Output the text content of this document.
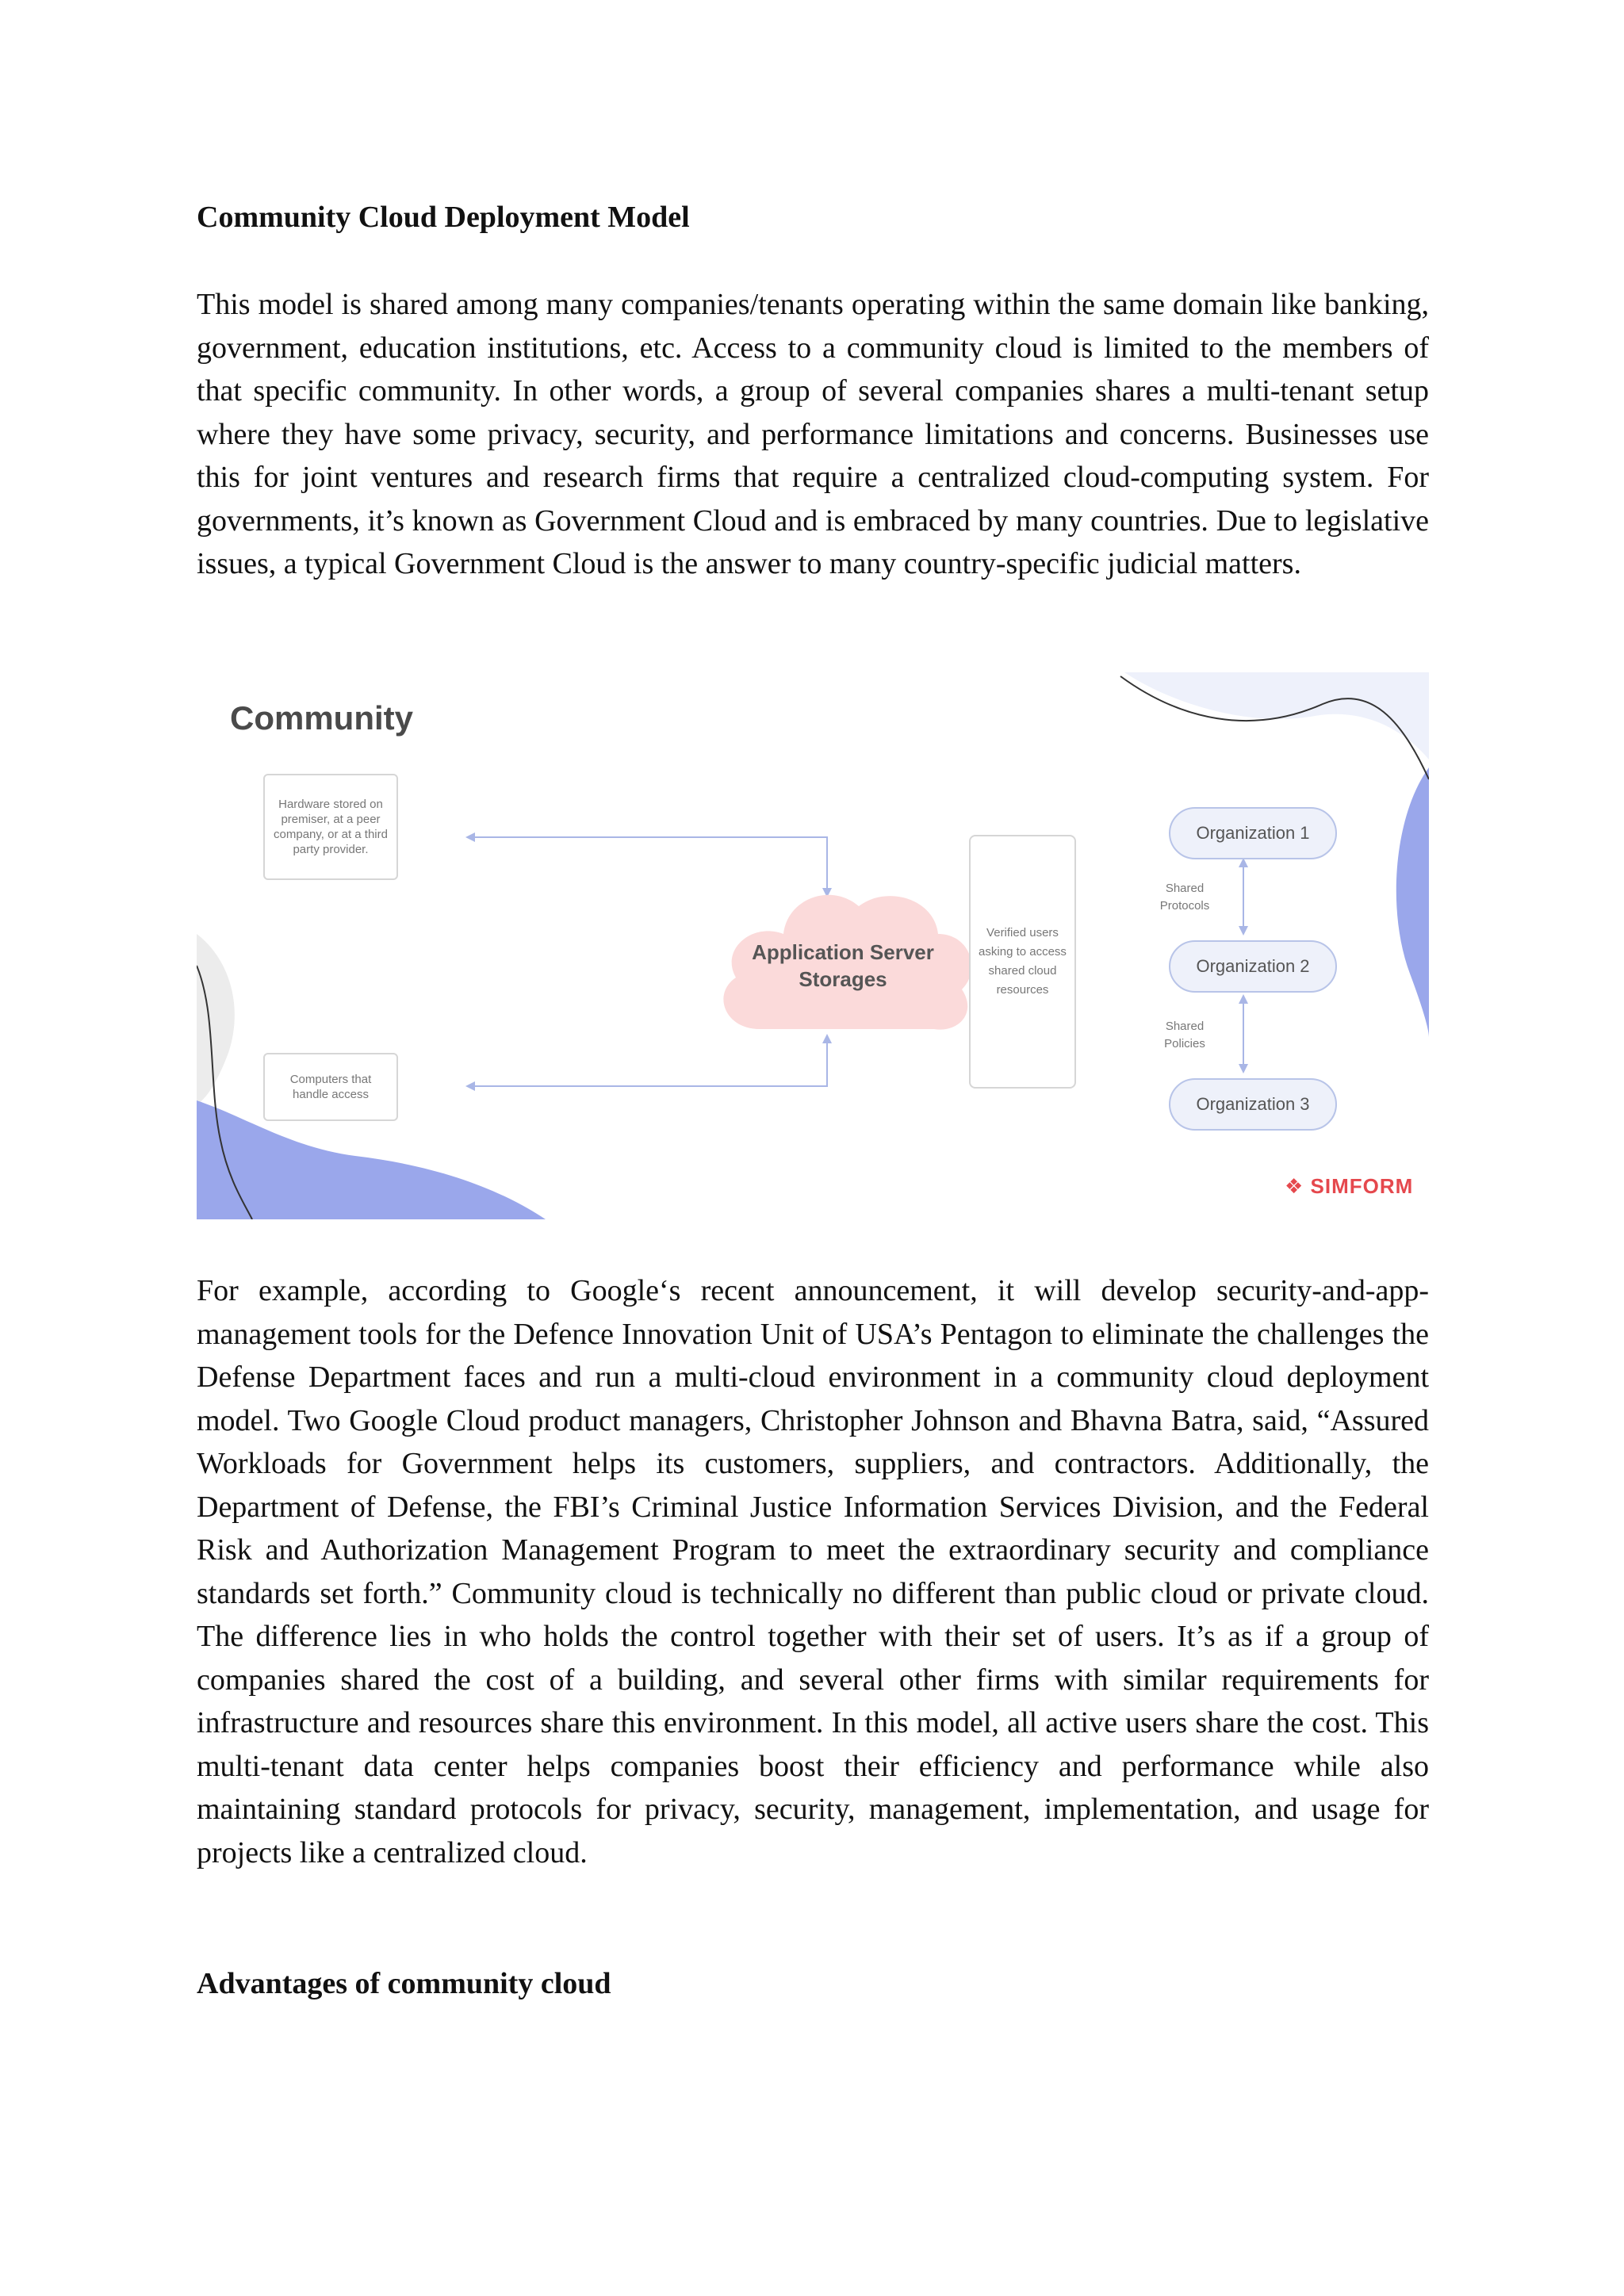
Community Cloud Deployment Model

This model is shared among many companies/tenants operating within the same domain like banking, government, education institutions, etc. Access to a community cloud is limited to the members of that specific community. In other words, a group of several companies shares a multi-tenant setup where they have some privacy, security, and performance limitations and concerns. Businesses use this for joint ventures and research firms that require a centralized cloud-computing system. For governments, it’s known as Government Cloud and is embraced by many countries. Due to legislative issues, a typical Government Cloud is the answer to many country-specific judicial matters.

Community
Hardware stored on premiser, at a peer company, or at a third party provider.
Computers that handle access
Application Server Storages
Verified users asking to access shared cloud resources
Organization 1
Organization 2
Organization 3
Shared Protocols
Shared Policies
❖ SIMFORM

For example, according to Google‘s recent announcement, it will develop security-and-app-management tools for the Defence Innovation Unit of USA’s Pentagon to eliminate the challenges the Defense Department faces and run a multi-cloud environment in a community cloud deployment model. Two Google Cloud product managers, Christopher Johnson and Bhavna Batra, said, “Assured Workloads for Government helps its customers, suppliers, and contractors. Additionally, the Department of Defense, the FBI’s Criminal Justice Information Services Division, and the Federal Risk and Authorization Management Program to meet the extraordinary security and compliance standards set forth.” Community cloud is technically no different than public cloud or private cloud. The difference lies in who holds the control together with their set of users. It’s as if a group of companies shared the cost of a building, and several other firms with similar requirements for infrastructure and resources share this environment. In this model, all active users share the cost. This multi-tenant data center helps companies boost their efficiency and performance while also maintaining standard protocols for privacy, security, management, implementation, and usage for projects like a centralized cloud.

Advantages of community cloud
